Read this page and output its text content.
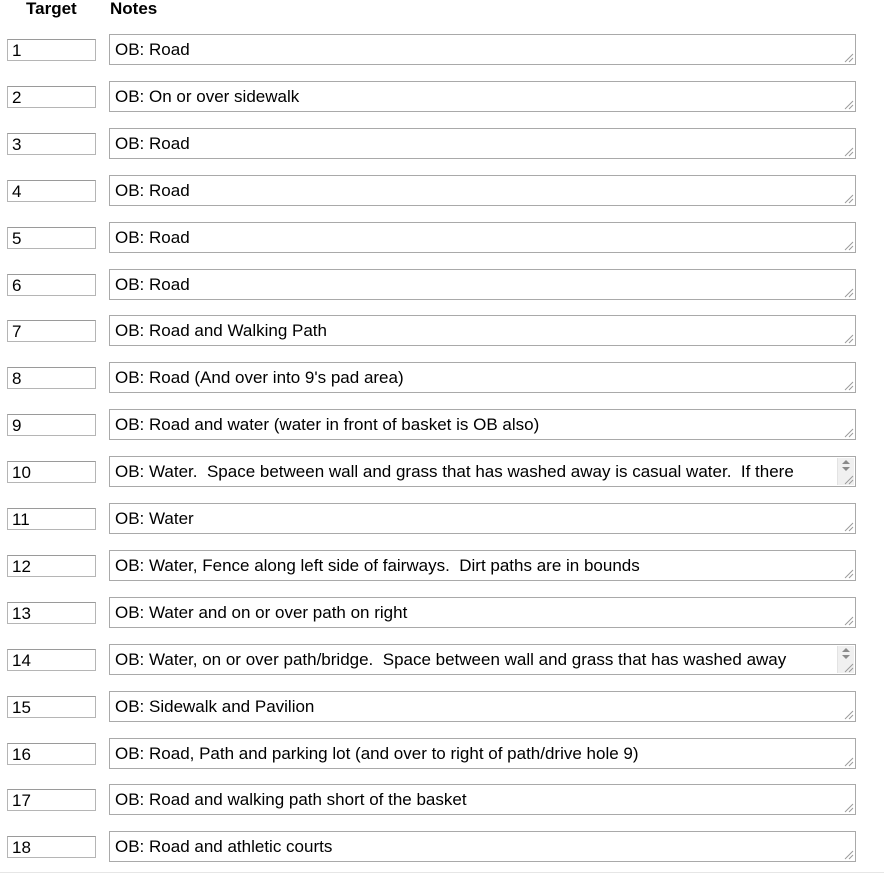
Target Notes
1
OB: Road
2
OB: On or over sidewalk
3
OB: Road
4
OB: Road
5
OB: Road
6
OB: Road
7
OB: Road and Walking Path
8
OB: Road (And over into 9's pad area)
9
OB: Road and water (water in front of basket is OB also)
10
OB: Water.  Space between wall and grass that has washed away is casual water.  If there
11
OB: Water
12
OB: Water, Fence along left side of fairways.  Dirt paths are in bounds
13
OB: Water and on or over path on right
14
OB: Water, on or over path/bridge.  Space between wall and grass that has washed away
15
OB: Sidewalk and Pavilion
16
OB: Road, Path and parking lot (and over to right of path/drive hole 9)
17
OB: Road and walking path short of the basket
18
OB: Road and athletic courts
